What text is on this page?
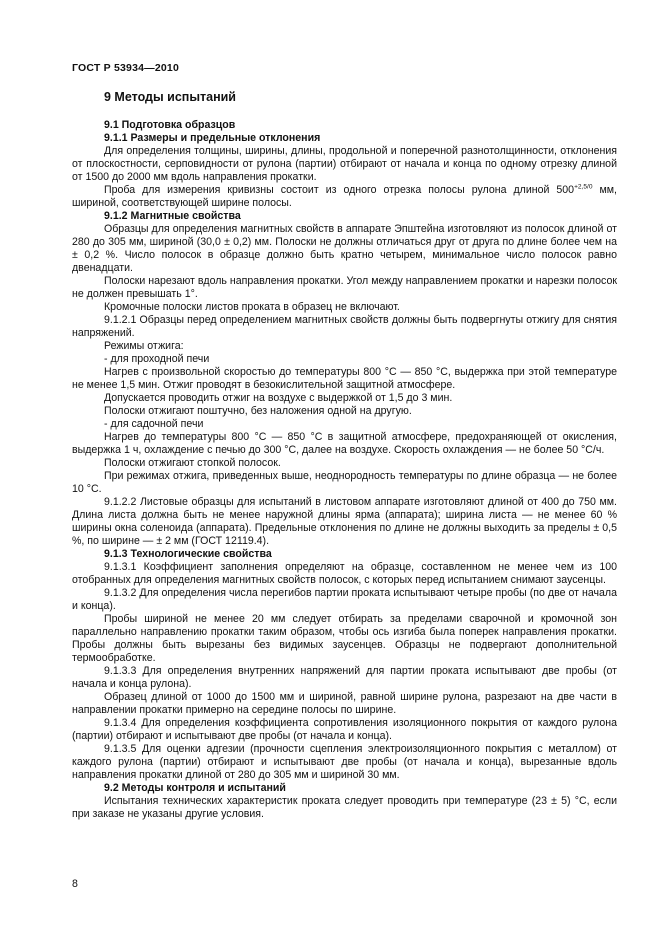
ГОСТ Р 53934—2010
9 Методы испытаний

9.1 Подготовка образцов

9.1.1 Размеры и предельные отклонения

Для определения толщины, ширины, длины, продольной и поперечной разнотолщинности, отклонения от плоскостности, серповидности от рулона (партии) отбирают от начала и конца по одному отрезку длиной от 1500 до 2000 мм вдоль направления прокатки.

Проба для измерения кривизны состоит из одного отрезка полосы рулона длиной $500^{+2,5/0}$ мм, шириной, соответствующей ширине полосы.

9.1.2 Магнитные свойства

Образцы для определения магнитных свойств в аппарате Эпштейна изготовляют из полосок длиной от 280 до 305 мм, шириной (30,0 ± 0,2) мм. Полоски не должны отличаться друг от друга по длине более чем на ± 0,2 %. Число полосок в образце должно быть кратно четырем, минимальное число полосок равно двенадцати.

Полоски нарезают вдоль направления прокатки. Угол между направлением прокатки и нарезки полосок не должен превышать 1°.

Кромочные полоски листов проката в образец не включают.

9.1.2.1 Образцы перед определением магнитных свойств должны быть подвергнуты отжигу для снятия напряжений.

Режимы отжига:

- для проходной печи

Нагрев с произвольной скоростью до температуры 800 °С — 850 °С, выдержка при этой температуре не менее 1,5 мин. Отжиг проводят в безокислительной защитной атмосфере.

Допускается проводить отжиг на воздухе с выдержкой от 1,5 до 3 мин.

Полоски отжигают поштучно, без наложения одной на другую.

- для садочной печи

Нагрев до температуры 800 °С — 850 °С в защитной атмосфере, предохраняющей от окисления, выдержка 1 ч, охлаждение с печью до 300 °С, далее на воздухе. Скорость охлаждения — не более 50 °С/ч.

Полоски отжигают стопкой полосок.

При режимах отжига, приведенных выше, неоднородность температуры по длине образца — не более 10 °С.

9.1.2.2 Листовые образцы для испытаний в листовом аппарате изготовляют длиной от 400 до 750 мм. Длина листа должна быть не менее наружной длины ярма (аппарата); ширина листа — не менее 60 % ширины окна соленоида (аппарата). Предельные отклонения по длине не должны выходить за пределы ± 0,5 %, по ширине — ± 2 мм (ГОСТ 12119.4).

9.1.3 Технологические свойства

9.1.3.1 Коэффициент заполнения определяют на образце, составленном не менее чем из 100 отобранных для определения магнитных свойств полосок, с которых перед испытанием снимают заусенцы.

9.1.3.2 Для определения числа перегибов партии проката испытывают четыре пробы (по две от начала и конца).

Пробы шириной не менее 20 мм следует отбирать за пределами сварочной и кромочной зон параллельно направлению прокатки таким образом, чтобы ось изгиба была поперек направления прокатки. Пробы должны быть вырезаны без видимых заусенцев. Образцы не подвергают дополнительной термообработке.

9.1.3.3 Для определения внутренних напряжений для партии проката испытывают две пробы (от начала и конца рулона).

Образец длиной от 1000 до 1500 мм и шириной, равной ширине рулона, разрезают на две части в направлении прокатки примерно на середине полосы по ширине.

9.1.3.4 Для определения коэффициента сопротивления изоляционного покрытия от каждого рулона (партии) отбирают и испытывают две пробы (от начала и конца).

9.1.3.5 Для оценки адгезии (прочности сцепления электроизоляционного покрытия с металлом) от каждого рулона (партии) отбирают и испытывают две пробы (от начала и конца), вырезанные вдоль направления прокатки длиной от 280 до 305 мм и шириной 30 мм.

9.2 Методы контроля и испытаний

Испытания технических характеристик проката следует проводить при температуре (23 ± 5) °С, если при заказе не указаны другие условия.

8
